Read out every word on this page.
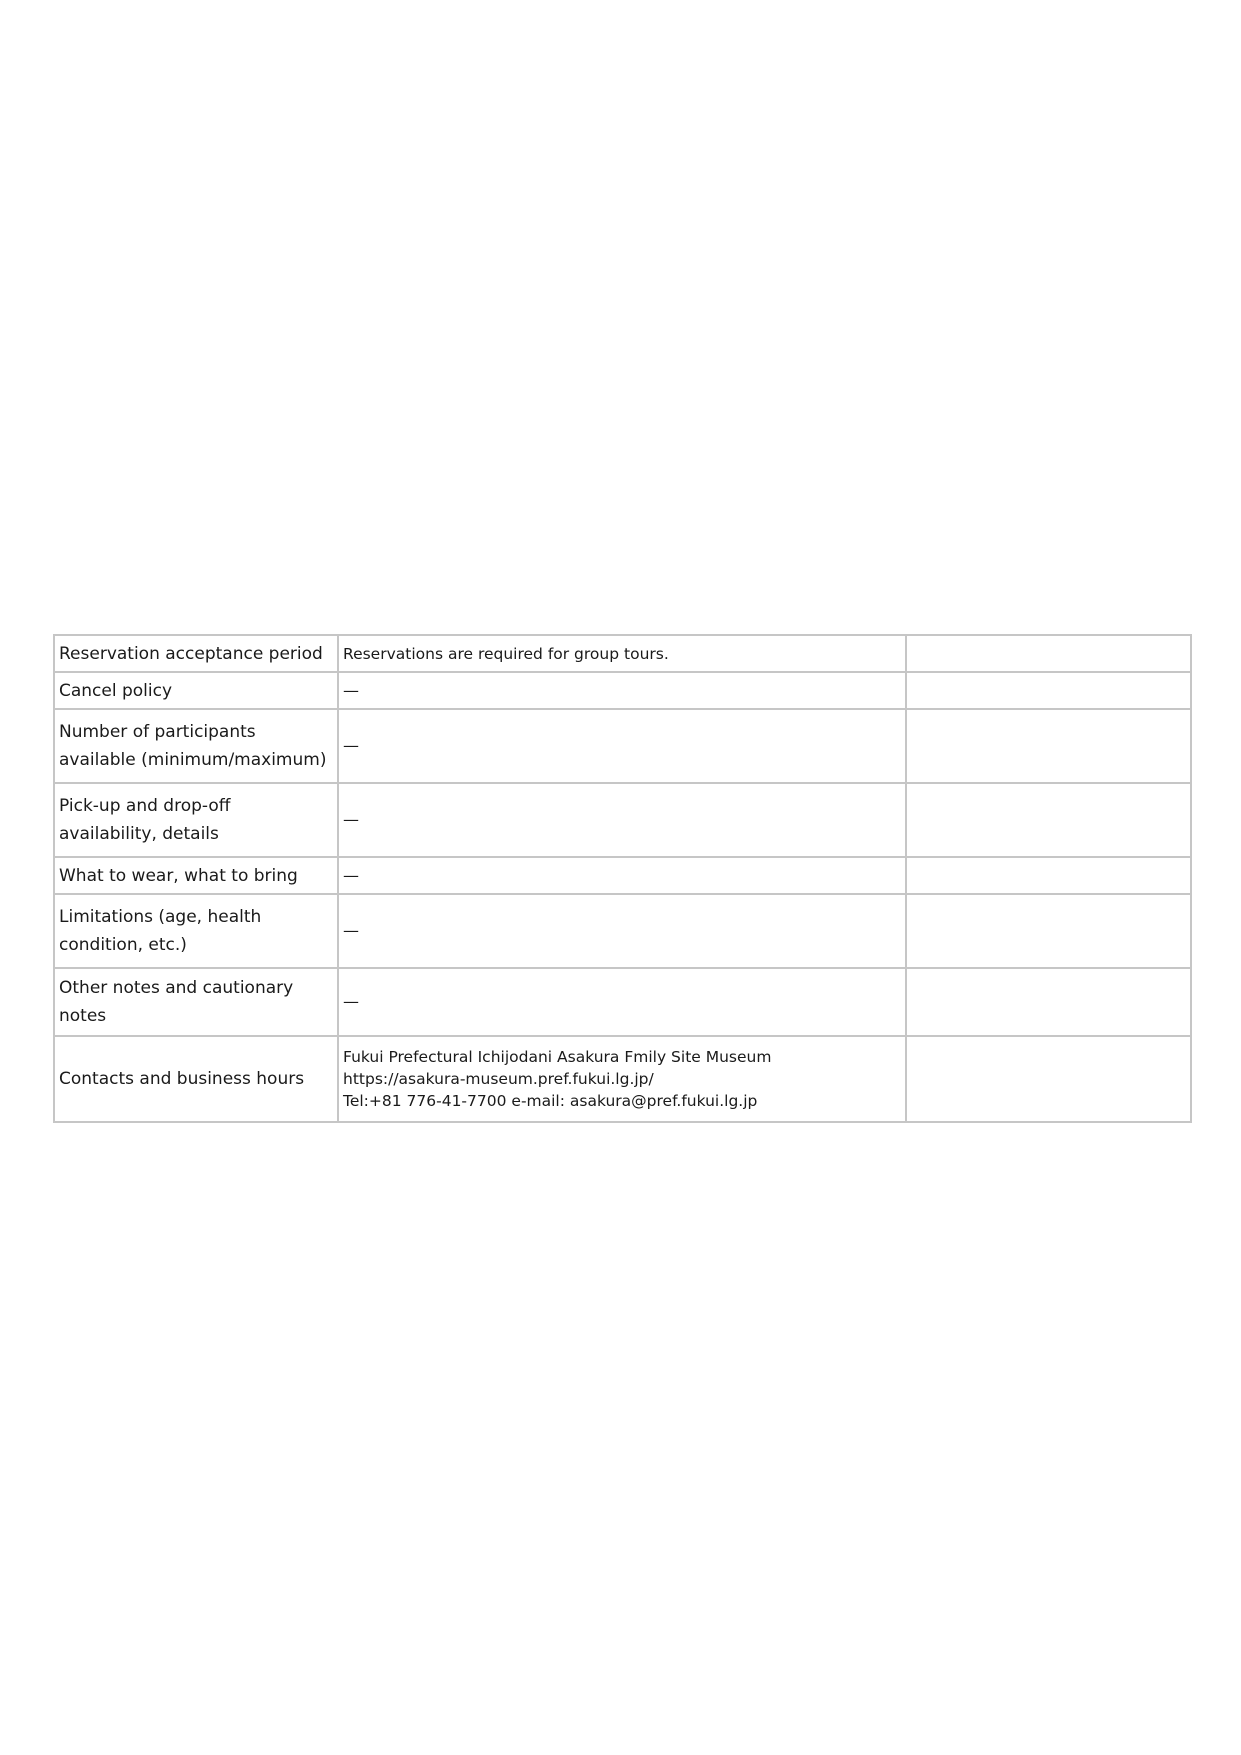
Reservation acceptance period	Reservations are required for group tours.	
Cancel policy	—	
Number of participants available (minimum/maximum)	—	
Pick-up and drop-off availability, details	—	
What to wear, what to bring	—	
Limitations (age, health condition, etc.)	—	
Other notes and cautionary notes	—	
Contacts and business hours	Fukui Prefectural Ichijodani Asakura Fmily Site Museum
https://asakura-museum.pref.fukui.lg.jp/
Tel:+81 776-41-7700 e-mail: asakura@pref.fukui.lg.jp	
